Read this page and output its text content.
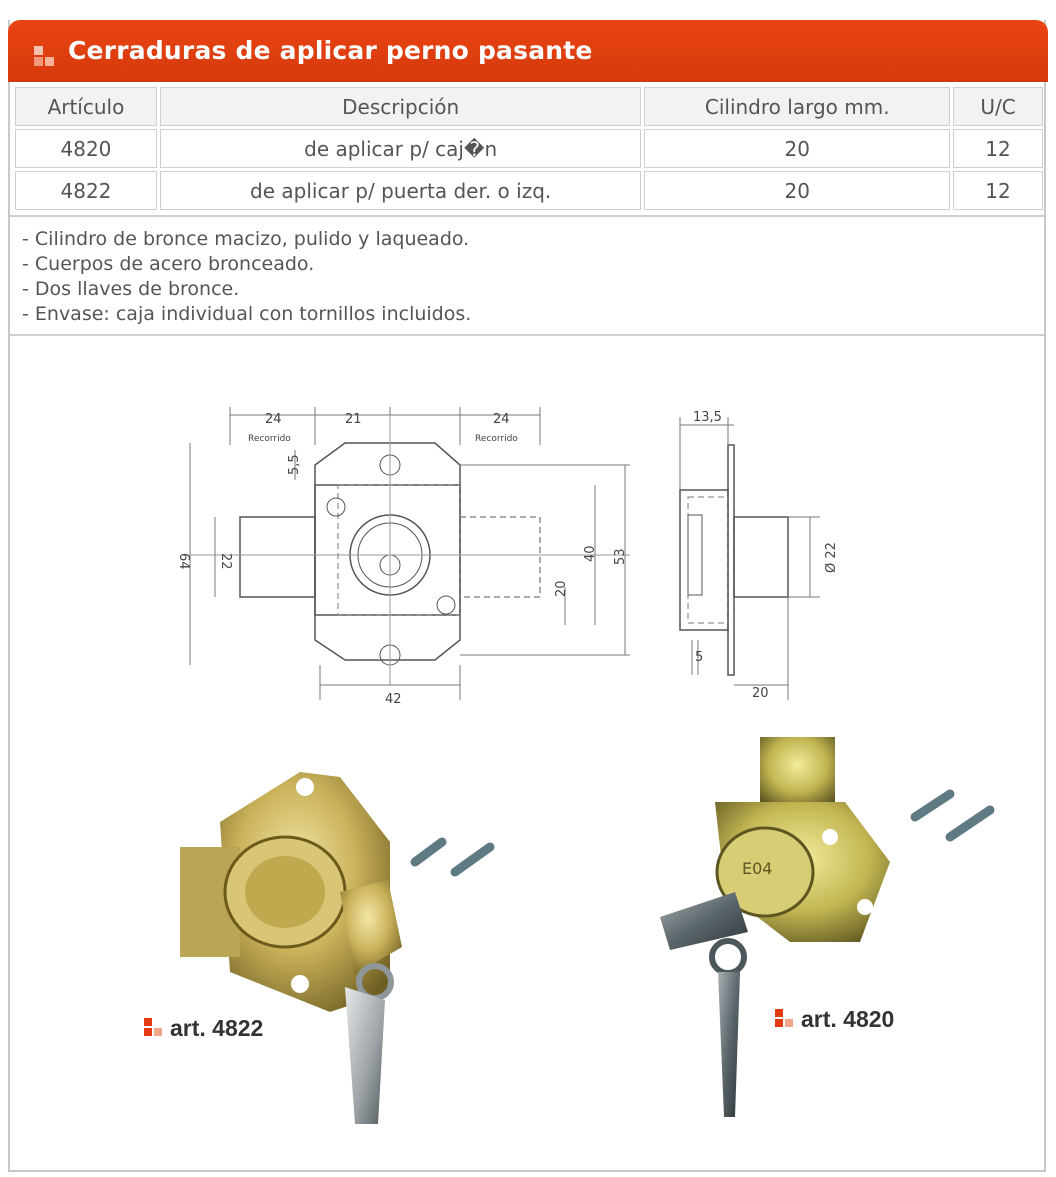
Cerraduras de aplicar perno pasante
Artículo	Descripción	Cilindro largo mm.	U/C
4820	de aplicar p/ caj�n	20	12
4822	de aplicar p/ puerta der. o izq.	20	12
- Cilindro de bronce macizo, pulido y laqueado.
- Cuerpos de acero bronceado.
- Dos llaves de bronce.
- Envase: caja individual con tornillos incluidos.
24
Recorrido
21	24
Recorrido
5,5
64 22
20
40 53
42
13,5
Ø 22
5
20
art. 4822
E04
art. 4820
